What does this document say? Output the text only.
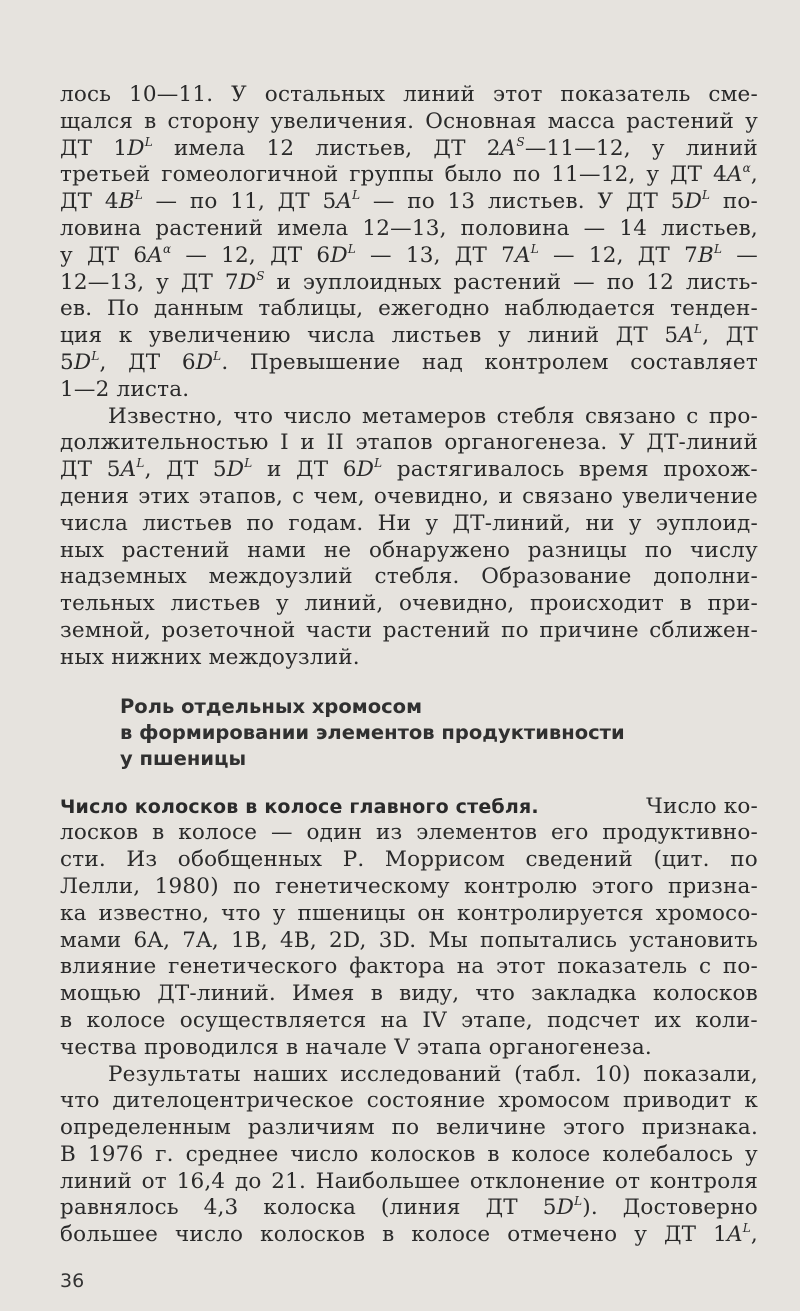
лось 10—11. У остальных линий этот показатель сме-
щался в сторону увеличения. Основная масса растений у
ДТ $1D^L$ имела 12 листьев, ДТ $2A^S—11—12$, у линий
третьей гомеологичной группы было по 11—12, у ДТ $4A^\alpha$,
ДТ $4B^L$ — по 11, ДТ $5A^L$ — по 13 листьев. У ДТ $5D^L$ по-
ловина растений имела 12—13, половина — 14 листьев,
у ДТ $6A^\alpha$ — 12, ДТ $6D^L$ — 13, ДТ $7A^L$ — 12, ДТ $7B^L$ —
12—13, у ДТ $7D^S$ и эуплоидных растений — по 12 листь-
ев. По данным таблицы, ежегодно наблюдается тенден-
ция к увеличению числа листьев у линий ДТ $5A^L$, ДТ
$5D^L$, ДТ $6D^L$. Превышение над контролем составляет
1—2 листа.
Известно, что число метамеров стебля связано с про-
должительностью I и II этапов органогенеза. У ДТ-линий
ДТ $5A^L$, ДТ $5D^L$ и ДТ $6D^L$ растягивалось время прохож-
дения этих этапов, с чем, очевидно, и связано увеличение
числа листьев по годам. Ни у ДТ-линий, ни у эуплоид-
ных растений нами не обнаружено разницы по числу
надземных междоузлий стебля. Образование дополни-
тельных листьев у линий, очевидно, происходит в при-
земной, розеточной части растений по причине сближен-
ных нижних междоузлий.
Роль отдельных хромосом
в формировании элементов продуктивности
у пшеницы
Число колосков в колосе главного стебля.	Число ко-
лосков в колосе — один из элементов его продуктивно-
сти. Из обобщенных Р. Моррисом сведений (цит. по
Лелли, 1980) по генетическому контролю этого призна-
ка известно, что у пшеницы он контролируется хромосо-
мами 6A, 7A, 1B, 4B, 2D, 3D. Мы попытались установить
влияние генетического фактора на этот показатель с по-
мощью ДТ-линий. Имея в виду, что закладка колосков
в колосе осуществляется на IV этапе, подсчет их коли-
чества проводился в начале V этапа органогенеза.
Результаты наших исследований (табл. 10) показали,
что дителоцентрическое состояние хромосом приводит к
определенным различиям по величине этого признака.
В 1976 г. среднее число колосков в колосе колебалось у
линий от 16,4 до 21. Наибольшее отклонение от контроля
равнялось 4,3 колоска (линия ДТ $5D^L$). Достоверно
большее число колосков в колосе отмечено у ДТ $1A^L$,
36
